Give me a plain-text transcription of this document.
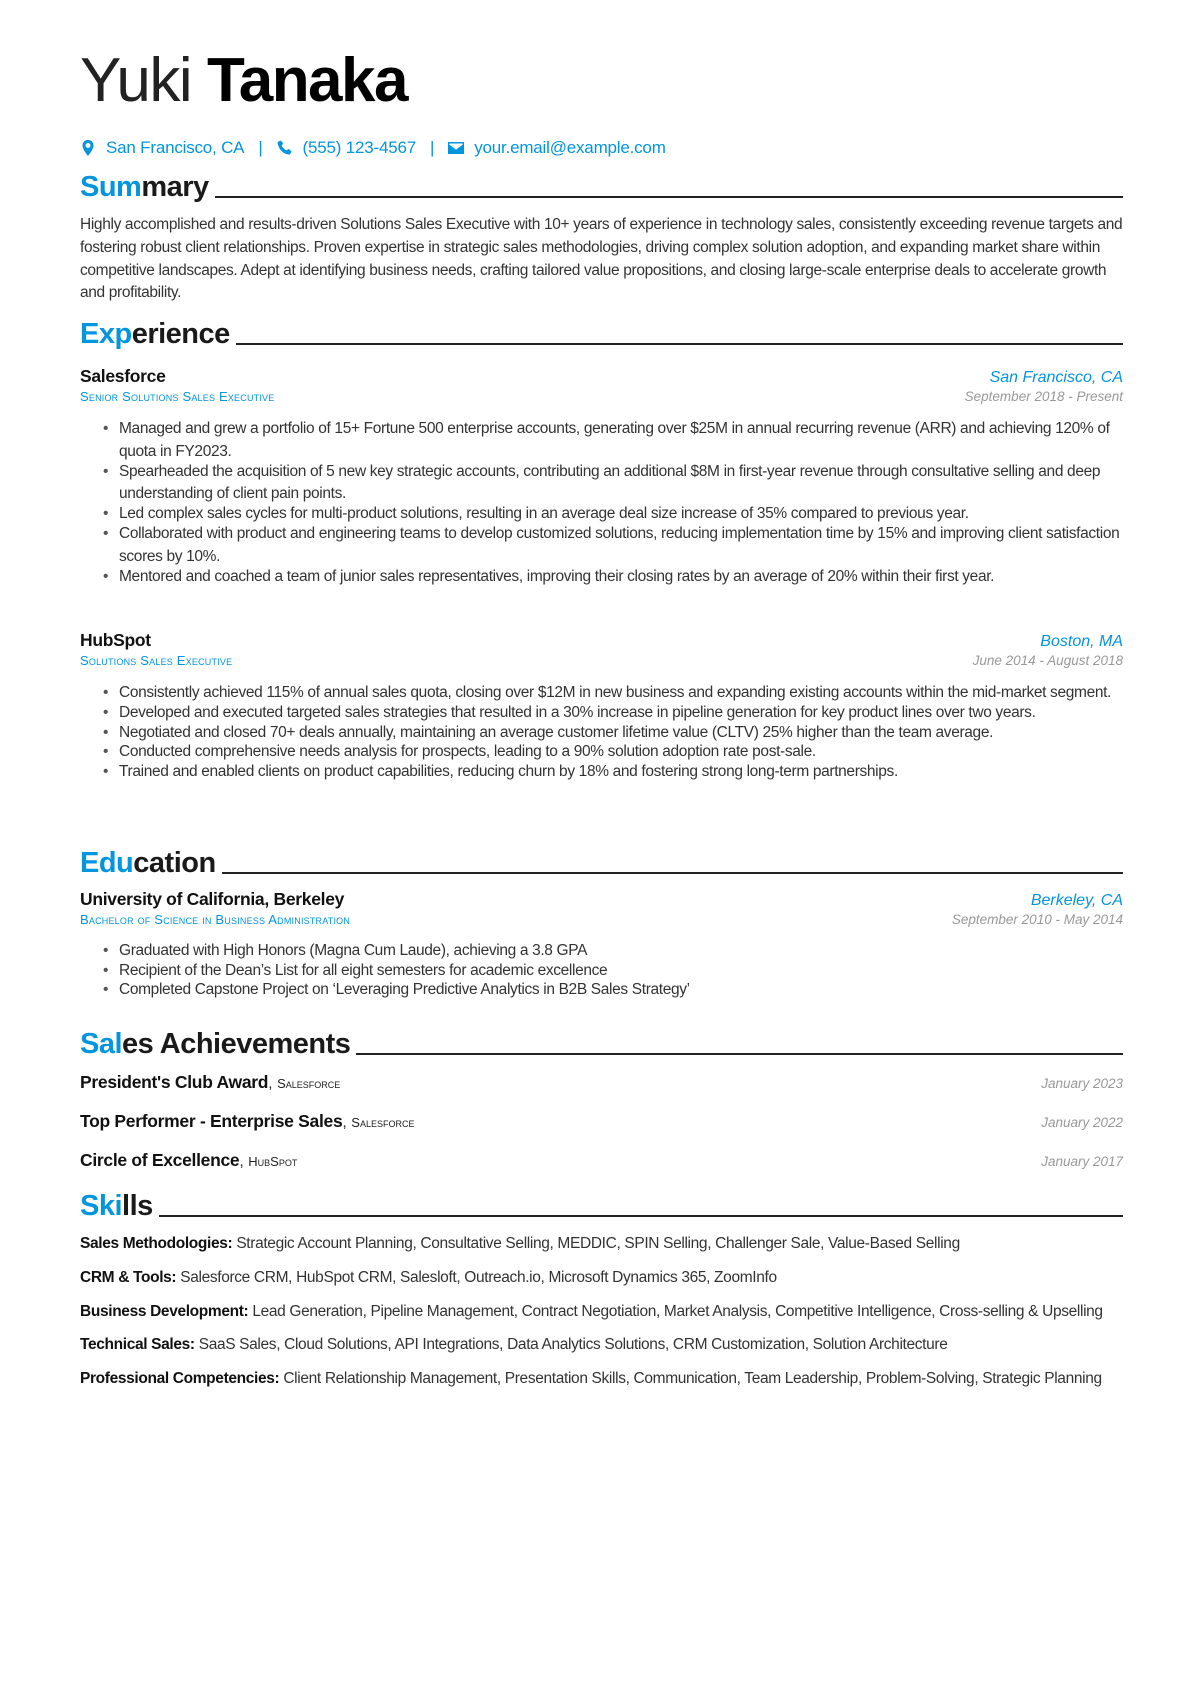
Yuki Tanaka
San Francisco, CA | (555) 123-4567 | your.email@example.com
Sum mary
Highly accomplished and results-driven Solutions Sales Executive with 10+ years of experience in technology sales, consistently exceeding revenue targets and fostering robust client relationships. Proven expertise in strategic sales methodologies, driving complex solution adoption, and expanding market share within competitive landscapes. Adept at identifying business needs, crafting tailored value propositions, and closing large-scale enterprise deals to accelerate growth and profitability.
Exp erience
Salesforce	San Francisco, CA
Senior Solutions Sales Executive	September 2018 - Present
• Managed and grew a portfolio of 15+ Fortune 500 enterprise accounts, generating over $25M in annual recurring revenue (ARR) and achieving 120% of quota in FY2023.
• Spearheaded the acquisition of 5 new key strategic accounts, contributing an additional $8M in first-year revenue through consultative selling and deep understanding of client pain points.
• Led complex sales cycles for multi-product solutions, resulting in an average deal size increase of 35% compared to previous year.
• Collaborated with product and engineering teams to develop customized solutions, reducing implementation time by 15% and improving client satisfaction scores by 10%.
• Mentored and coached a team of junior sales representatives, improving their closing rates by an average of 20% within their first year.
HubSpot	Boston, MA
Solutions Sales Executive	June 2014 - August 2018
• Consistently achieved 115% of annual sales quota, closing over $12M in new business and expanding existing accounts within the mid-market segment.
• Developed and executed targeted sales strategies that resulted in a 30% increase in pipeline generation for key product lines over two years.
• Negotiated and closed 70+ deals annually, maintaining an average customer lifetime value (CLTV) 25% higher than the team average.
• Conducted comprehensive needs analysis for prospects, leading to a 90% solution adoption rate post-sale.
• Trained and enabled clients on product capabilities, reducing churn by 18% and fostering strong long-term partnerships.
Edu cation
University of California, Berkeley	Berkeley, CA
Bachelor of Science in Business Administration	September 2010 - May 2014
• Graduated with High Honors (Magna Cum Laude), achieving a 3.8 GPA
• Recipient of the Dean’s List for all eight semesters for academic excellence
• Completed Capstone Project on ‘Leveraging Predictive Analytics in B2B Sales Strategy’
Sal es Achievements
President's Club Award, Salesforce	January 2023
Top Performer - Enterprise Sales, Salesforce	January 2022
Circle of Excellence, HubSpot	January 2017
Ski lls
Sales Methodologies: Strategic Account Planning, Consultative Selling, MEDDIC, SPIN Selling, Challenger Sale, Value-Based Selling
CRM & Tools: Salesforce CRM, HubSpot CRM, Salesloft, Outreach.io, Microsoft Dynamics 365, ZoomInfo
Business Development: Lead Generation, Pipeline Management, Contract Negotiation, Market Analysis, Competitive Intelligence, Cross-selling & Upselling
Technical Sales: SaaS Sales, Cloud Solutions, API Integrations, Data Analytics Solutions, CRM Customization, Solution Architecture
Professional Competencies: Client Relationship Management, Presentation Skills, Communication, Team Leadership, Problem-Solving, Strategic Planning
